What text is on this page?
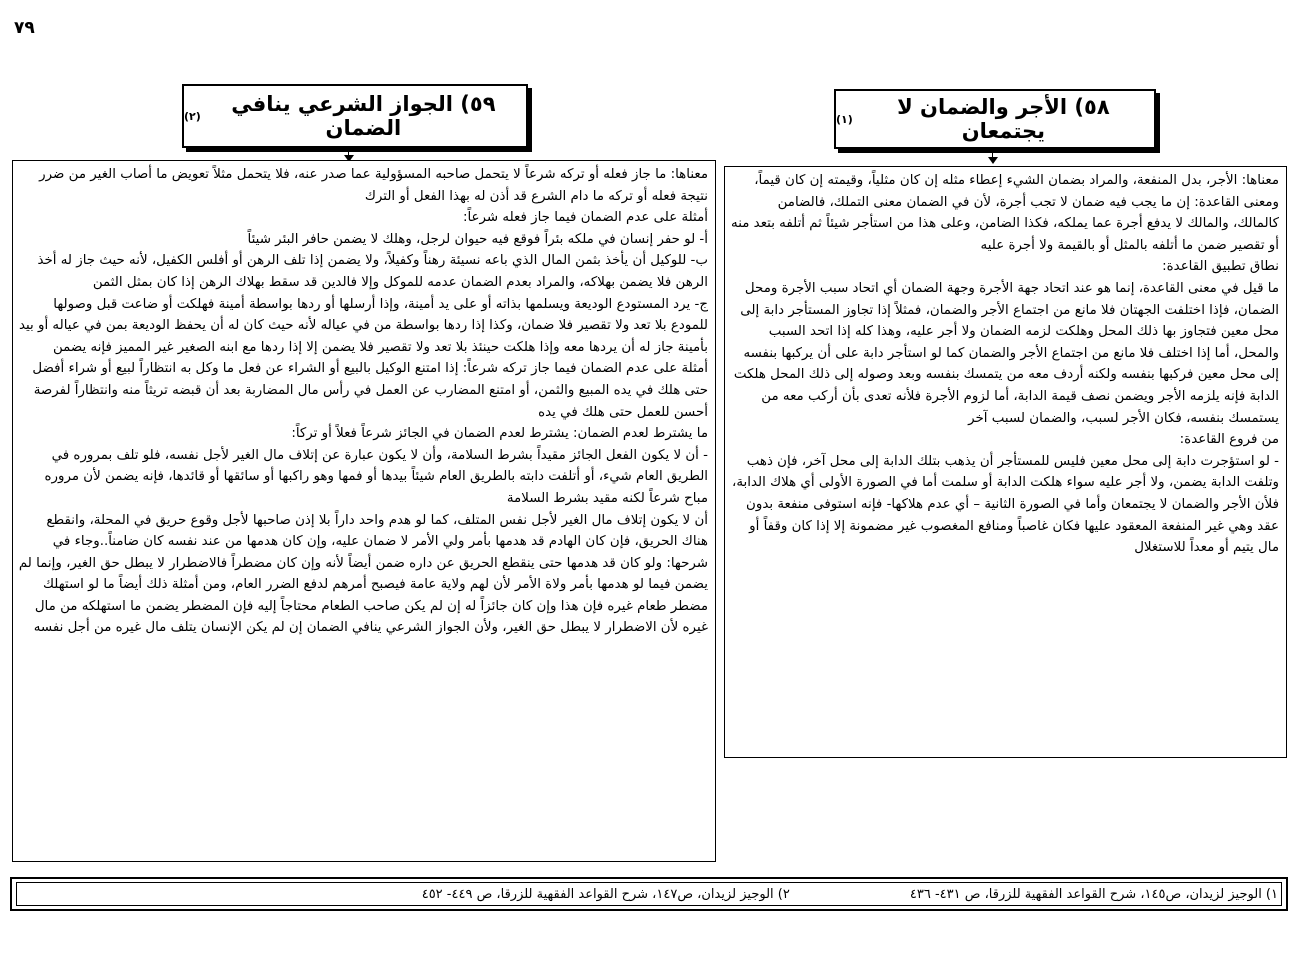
٧٩
٥٨) الأجر والضمان لا يجتمعان
(١)
٥٩) الجواز الشرعي ينافي الضمان
(٢)

معناها: الأجر، بدل المنفعة، والمراد بضمان الشيء إعطاء مثله إن كان مثلياً، وقيمته إن كان قيماً، ومعنى القاعدة: إن ما يجب فيه ضمان لا تجب أجرة، لأن في الضمان معنى التملك، فالضامن كالمالك، والمالك لا يدفع أجرة عما يملكه، فكذا الضامن، وعلى هذا من استأجر شيئاً ثم أتلفه بتعد منه أو تقصير ضمن ما أتلفه بالمثل أو بالقيمة ولا أجرة عليه

نطاق تطبيق القاعدة:

ما قيل في معنى القاعدة، إنما هو عند اتحاد جهة الأجرة وجهة الضمان أي اتحاد سبب الأجرة ومحل الضمان، فإذا اختلفت الجهتان فلا مانع من اجتماع الأجر والضمان، فمثلاً إذا تجاوز المستأجر دابة إلى محل معين فتجاوز بها ذلك المحل وهلكت لزمه الضمان ولا أجر عليه، وهذا كله إذا اتحد السبب والمحل، أما إذا اختلف فلا مانع من اجتماع الأجر والضمان كما لو استأجر دابة على أن يركبها بنفسه إلى محل معين فركبها بنفسه ولكنه أردف معه من يتمسك بنفسه وبعد وصوله إلى ذلك المحل هلكت الدابة فإنه يلزمه الأجر ويضمن نصف قيمة الدابة، أما لزوم الأجرة فلأنه تعدى بأن أركب معه من يستمسك بنفسه، فكان الأجر لسبب، والضمان لسبب آخر

من فروع القاعدة:

- لو استؤجرت دابة إلى محل معين فليس للمستأجر أن يذهب بتلك الدابة إلى محل آخر، فإن ذهب وتلفت الدابة يضمن، ولا أجر عليه سواء هلكت الدابة أو سلمت أما في الصورة الأولى أي هلاك الدابة، فلأن الأجر والضمان لا يجتمعان وأما في الصورة الثانية – أي عدم هلاكها- فإنه استوفى منفعة بدون عقد وهي غير المنفعة المعقود عليها فكان غاصباً ومنافع المغصوب غير مضمونة إلا إذا كان وقفاً أو مال يتيم أو معداً للاستغلال

معناها: ما جاز فعله أو تركه شرعاً لا يتحمل صاحبه المسؤولية عما صدر عنه، فلا يتحمل مثلاً تعويض ما أصاب الغير من ضرر نتيجة فعله أو تركه ما دام الشرع قد أذن له بهذا الفعل أو الترك

أمثلة على عدم الضمان فيما جاز فعله شرعاً:

أ- لو حفر إنسان في ملكه بئراً فوقع فيه حيوان لرجل، وهلك لا يضمن حافر البئر شيئاً

ب- للوكيل أن يأخذ بثمن المال الذي باعه نسيئة رهناً وكفيلاً، ولا يضمن إذا تلف الرهن أو أفلس الكفيل، لأنه حيث جاز له أخذ الرهن فلا يضمن بهلاكه، والمراد بعدم الضمان عدمه للموكل وإلا فالدين قد سقط بهلاك الرهن إذا كان بمثل الثمن

ج- يرد المستودع الوديعة ويسلمها بذاته أو على يد أمينة، وإذا أرسلها أو ردها بواسطة أمينة فهلكت أو ضاعت قبل وصولها للمودع بلا تعد ولا تقصير فلا ضمان، وكذا إذا ردها بواسطة من في عياله لأنه حيث كان له أن يحفظ الوديعة بمن في عياله أو بيد بأمينة جاز له أن يردها معه وإذا هلكت حينئذ بلا تعد ولا تقصير فلا يضمن إلا إذا ردها مع ابنه الصغير غير المميز فإنه يضمن

أمثلة على عدم الضمان فيما جاز تركه شرعاً: إذا امتنع الوكيل بالبيع أو الشراء عن فعل ما وكل به انتظاراً لبيع أو شراء أفضل حتى هلك في يده المبيع والثمن، أو امتنع المضارب عن العمل في رأس مال المضاربة بعد أن قبضه تريثاً منه وانتظاراً لفرصة أحسن للعمل حتى هلك في يده

ما يشترط لعدم الضمان: يشترط لعدم الضمان في الجائز شرعاً فعلاً أو تركاً:

- أن لا يكون الفعل الجائز مقيداً بشرط السلامة، وأن لا يكون عبارة عن إتلاف مال الغير لأجل نفسه، فلو تلف بمروره في الطريق العام شيء، أو أتلفت دابته بالطريق العام شيئاً بيدها أو فمها وهو راكبها أو سائقها أو قائدها، فإنه يضمن لأن مروره مباح شرعاً لكنه مقيد بشرط السلامة

أن لا يكون إتلاف مال الغير لأجل نفس المتلف، كما لو هدم واحد داراً بلا إذن صاحبها لأجل وقوع حريق في المحلة، وانقطع هناك الحريق، فإن كان الهادم قد هدمها بأمر ولي الأمر لا ضمان عليه، وإن كان هدمها من عند نفسه كان ضامناً..وجاء في شرحها: ولو كان قد هدمها حتى ينقطع الحريق عن داره ضمن أيضاً لأنه وإن كان مضطراً فالاضطرار لا يبطل حق الغير، وإنما لم يضمن فيما لو هدمها بأمر ولاة الأمر لأن لهم ولاية عامة فيصبح أمرهم لدفع الضرر العام، ومن أمثلة ذلك أيضاً ما لو استهلك مضطر طعام غيره فإن هذا وإن كان جائزاً له إن لم يكن صاحب الطعام محتاجاً إليه فإن المضطر يضمن ما استهلكه من مال غيره لأن الاضطرار لا يبطل حق الغير، ولأن الجواز الشرعي ينافي الضمان إن لم يكن الإنسان يتلف مال غيره من أجل نفسه

١) الوجيز لزيدان، ص١٤٥، شرح القواعد الفقهية للزرقا، ص ٤٣١- ٤٣٦
٢) الوجيز لزيدان، ص١٤٧، شرح القواعد الفقهية للزرقا، ص ٤٤٩- ٤٥٢
